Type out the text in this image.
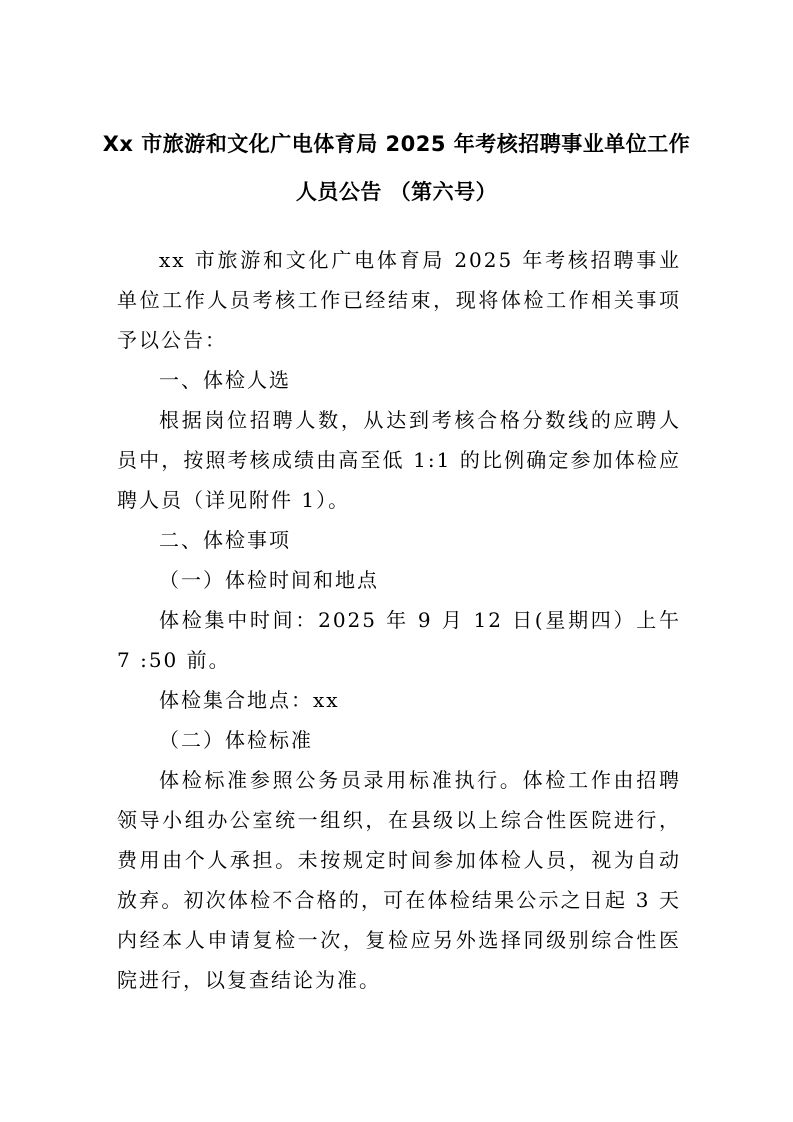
Xx 市旅游和文化广电体育局 2025 年考核招聘事业单位工作
人员公告 （第六号）

xx 市旅游和文化广电体育局 2025 年考核招聘事业单位工作人员考核工作已经结束，现将体检工作相关事项予以公告：

一、体检人选

根据岗位招聘人数，从达到考核合格分数线的应聘人员中，按照考核成绩由高至低 1:1 的比例确定参加体检应聘人员（详见附件 1）。

二、体检事项

（一）体检时间和地点

体检集中时间：2025 年 9 月 12 日(星期四）上午 7 :50 前。

体检集合地点：xx

（二）体检标准

体检标准参照公务员录用标准执行。体检工作由招聘领导小组办公室统一组织，在县级以上综合性医院进行，费用由个人承担。未按规定时间参加体检人员，视为自动放弃。初次体检不合格的，可在体检结果公示之日起 3 天内经本人申请复检一次，复检应另外选择同级别综合性医院进行，以复查结论为准。
